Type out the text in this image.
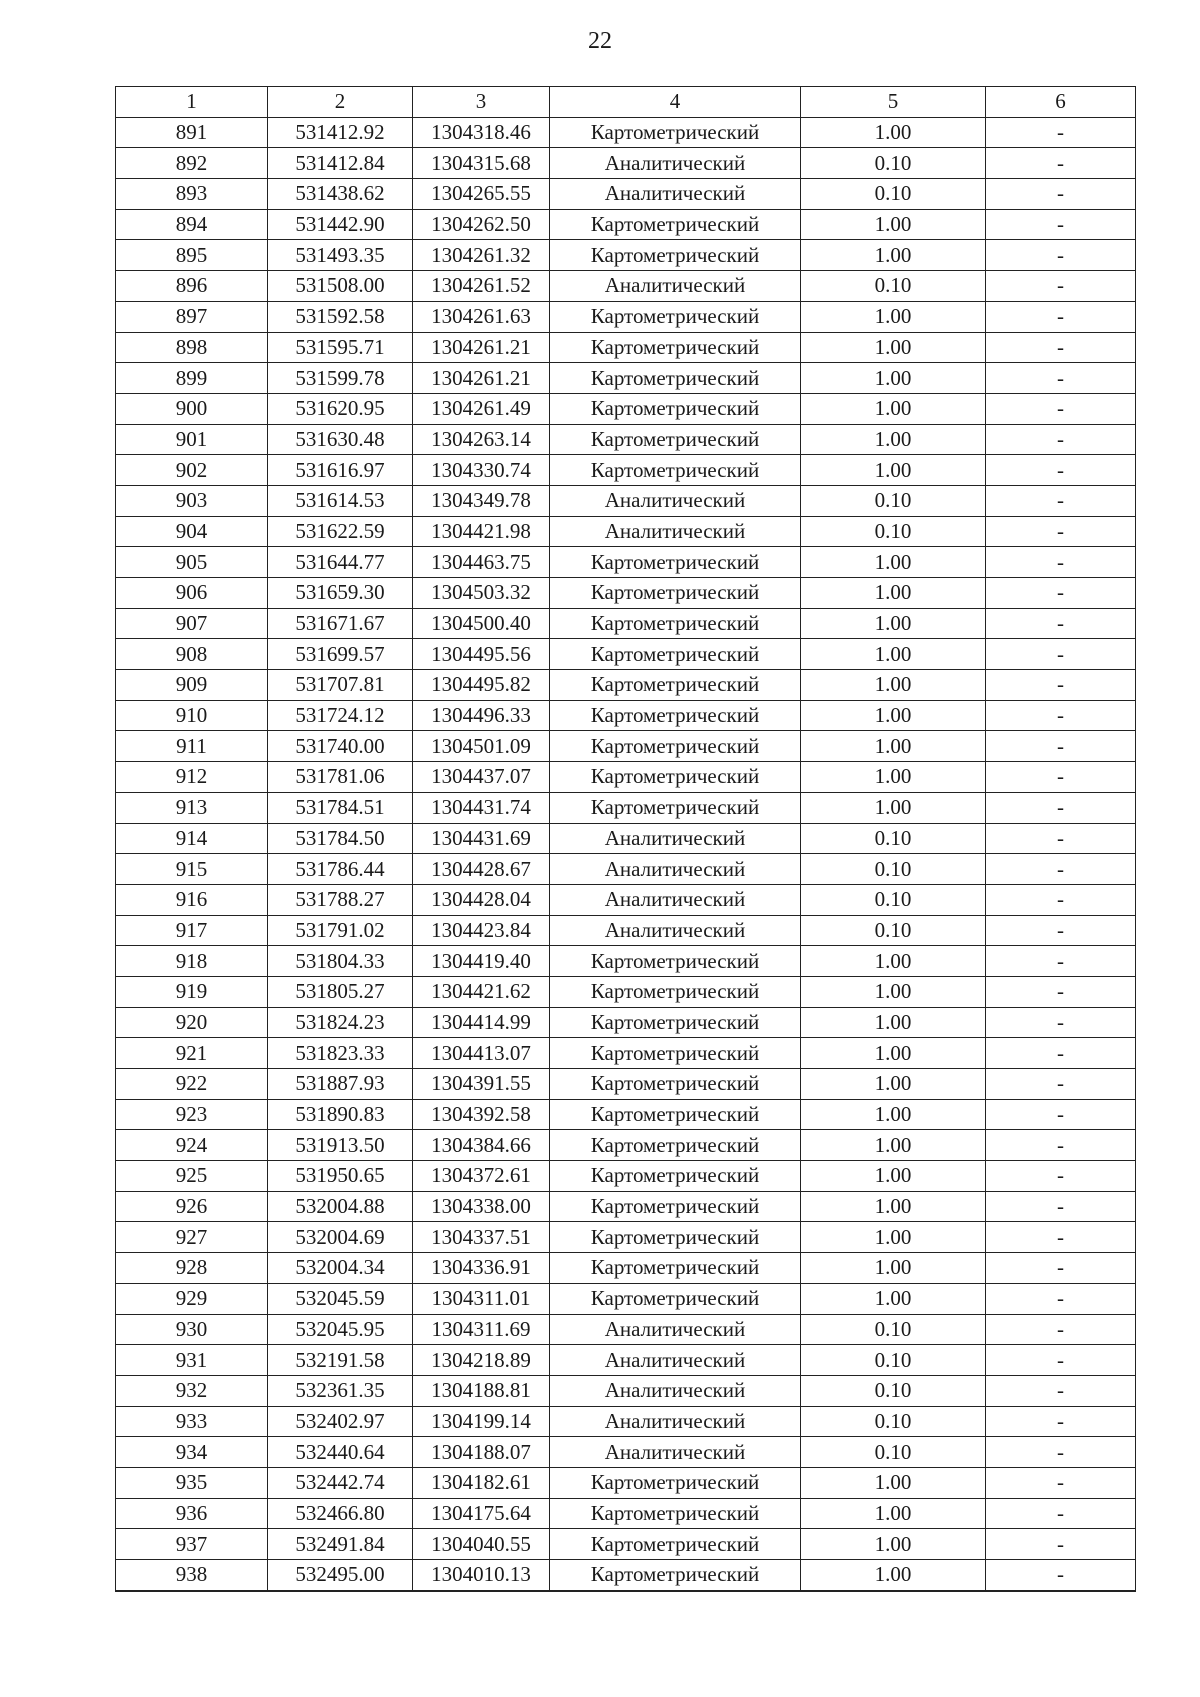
22
1	2	3	4	5	6
891	531412.92	1304318.46	Картометрический	1.00	-
892	531412.84	1304315.68	Аналитический	0.10	-
893	531438.62	1304265.55	Аналитический	0.10	-
894	531442.90	1304262.50	Картометрический	1.00	-
895	531493.35	1304261.32	Картометрический	1.00	-
896	531508.00	1304261.52	Аналитический	0.10	-
897	531592.58	1304261.63	Картометрический	1.00	-
898	531595.71	1304261.21	Картометрический	1.00	-
899	531599.78	1304261.21	Картометрический	1.00	-
900	531620.95	1304261.49	Картометрический	1.00	-
901	531630.48	1304263.14	Картометрический	1.00	-
902	531616.97	1304330.74	Картометрический	1.00	-
903	531614.53	1304349.78	Аналитический	0.10	-
904	531622.59	1304421.98	Аналитический	0.10	-
905	531644.77	1304463.75	Картометрический	1.00	-
906	531659.30	1304503.32	Картометрический	1.00	-
907	531671.67	1304500.40	Картометрический	1.00	-
908	531699.57	1304495.56	Картометрический	1.00	-
909	531707.81	1304495.82	Картометрический	1.00	-
910	531724.12	1304496.33	Картометрический	1.00	-
911	531740.00	1304501.09	Картометрический	1.00	-
912	531781.06	1304437.07	Картометрический	1.00	-
913	531784.51	1304431.74	Картометрический	1.00	-
914	531784.50	1304431.69	Аналитический	0.10	-
915	531786.44	1304428.67	Аналитический	0.10	-
916	531788.27	1304428.04	Аналитический	0.10	-
917	531791.02	1304423.84	Аналитический	0.10	-
918	531804.33	1304419.40	Картометрический	1.00	-
919	531805.27	1304421.62	Картометрический	1.00	-
920	531824.23	1304414.99	Картометрический	1.00	-
921	531823.33	1304413.07	Картометрический	1.00	-
922	531887.93	1304391.55	Картометрический	1.00	-
923	531890.83	1304392.58	Картометрический	1.00	-
924	531913.50	1304384.66	Картометрический	1.00	-
925	531950.65	1304372.61	Картометрический	1.00	-
926	532004.88	1304338.00	Картометрический	1.00	-
927	532004.69	1304337.51	Картометрический	1.00	-
928	532004.34	1304336.91	Картометрический	1.00	-
929	532045.59	1304311.01	Картометрический	1.00	-
930	532045.95	1304311.69	Аналитический	0.10	-
931	532191.58	1304218.89	Аналитический	0.10	-
932	532361.35	1304188.81	Аналитический	0.10	-
933	532402.97	1304199.14	Аналитический	0.10	-
934	532440.64	1304188.07	Аналитический	0.10	-
935	532442.74	1304182.61	Картометрический	1.00	-
936	532466.80	1304175.64	Картометрический	1.00	-
937	532491.84	1304040.55	Картометрический	1.00	-
938	532495.00	1304010.13	Картометрический	1.00	-
